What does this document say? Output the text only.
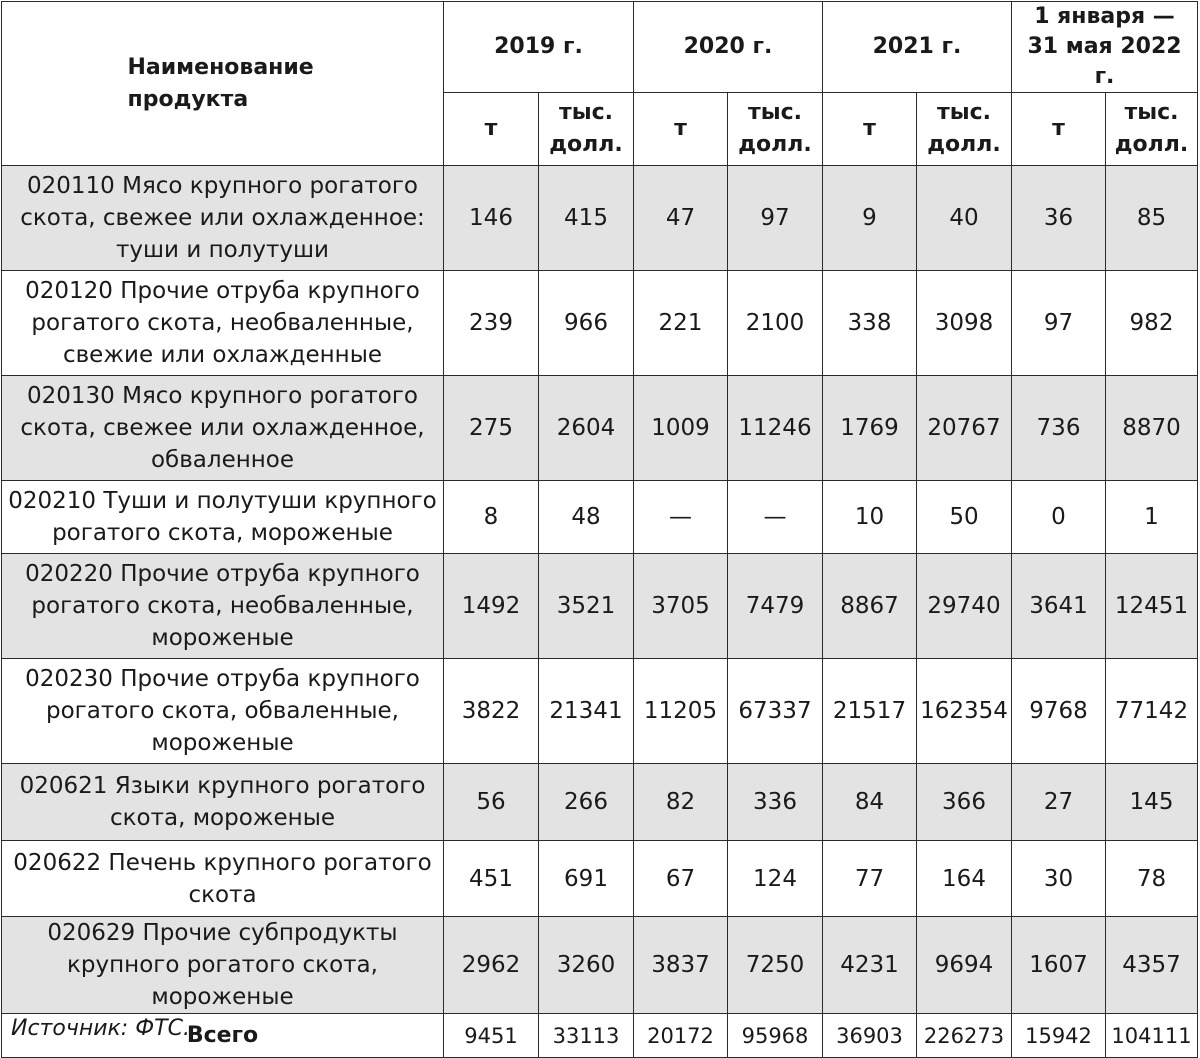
Наименование продукта	2019 г.		2020 г.		2021 г.		1 января — 31 мая 2022 г.	
	т	тыс. долл.	т	тыс. долл.	т	тыс. долл.	т	тыс. долл.
020110 Мясо крупного рогатого скота, свежее или охлажденное: туши и полутуши	146	415	47	97	9	40	36	85
020120 Прочие отруба крупного рогатого скота, необваленные, свежие или охлажденные	239	966	221	2100	338	3098	97	982
020130 Мясо крупного рогатого скота, свежее или охлажденное, обваленное	275	2604	1009	11246	1769	20767	736	8870
020210 Туши и полутуши крупного рогатого скота, мороженые	8	48	—	—	10	50	0	1
020220 Прочие отруба крупного рогатого скота, необваленные, мороженые	1492	3521	3705	7479	8867	29740	3641	12451
020230 Прочие отруба крупного рогатого скота, обваленные, мороженые	3822	21341	11205	67337	21517	162354	9768	77142
020621 Языки крупного рогатого скота, мороженые	56	266	82	336	84	366	27	145
020622 Печень крупного рогатого скота	451	691	67	124	77	164	30	78
020629 Прочие субпродукты крупного рогатого скота, мороженые	2962	3260	3837	7250	4231	9694	1607	4357
Всего	9451	33113	20172	95968	36903	226273	15942	104111
Источник: ФТС.
